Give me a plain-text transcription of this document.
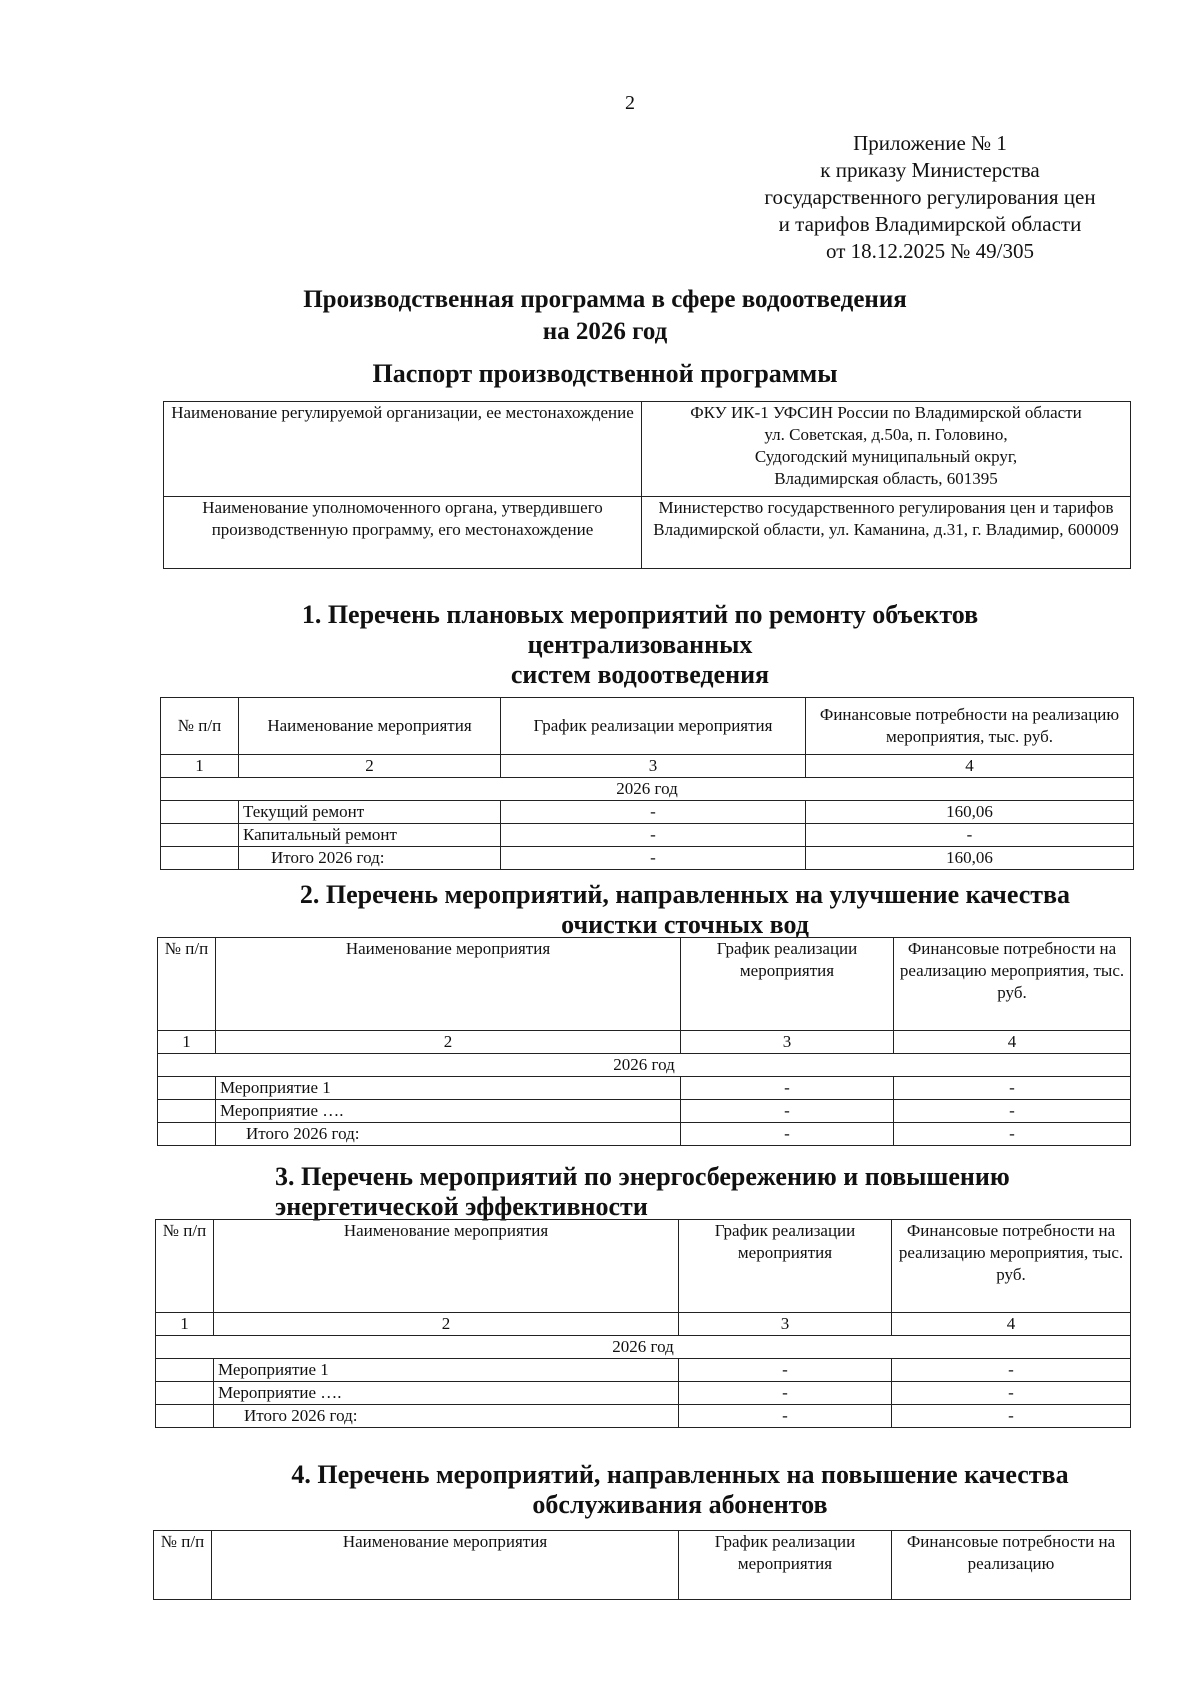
2
Приложение № 1
к приказу Министерства
государственного регулирования цен
и тарифов Владимирской области
от 18.12.2025 № 49/305
Производственная программа в сфере водоотведения
на 2026 год
Паспорт производственной программы
Наименование регулируемой организации, ее местонахождение	ФКУ ИК-1 УФСИН России по Владимирской области
ул. Советская, д.50а, п. Головино,
Судогодский муниципальный округ,
Владимирская область, 601395

Наименование уполномоченного органа, утвердившего производственную программу, его местонахождение	Министерство государственного регулирования цен и тарифов Владимирской области, ул. Каманина, д.31, г. Владимир, 600009
1. Перечень плановых мероприятий по ремонту объектов
централизованных
систем водоотведения
№ п/п	Наименование мероприятия	График реализации мероприятия	Финансовые потребности на реализацию мероприятия, тыс. руб.
1	2	3	4
2026 год			
	Текущий ремонт	-	160,06
	Капитальный ремонт	-	-
	Итого 2026 год:	-	160,06
2. Перечень мероприятий, направленных на улучшение качества
очистки сточных вод
№ п/п	Наименование мероприятия	График реализации мероприятия	Финансовые потребности на реализацию мероприятия, тыс. руб.
1	2	3	4
2026 год			
	Мероприятие 1	-	-
	Мероприятие ….	-	-
	Итого 2026 год:	-	-
3. Перечень мероприятий по энергосбережению и повышению
энергетической эффективности
№ п/п	Наименование мероприятия	График реализации мероприятия	Финансовые потребности на реализацию мероприятия, тыс. руб.
1	2	3	4
2026 год			
	Мероприятие 1	-	-
	Мероприятие ….	-	-
	Итого 2026 год:	-	-
4. Перечень мероприятий, направленных на повышение качества
обслуживания абонентов
№ п/п	Наименование мероприятия	График реализации мероприятия	Финансовые потребности на реализацию
